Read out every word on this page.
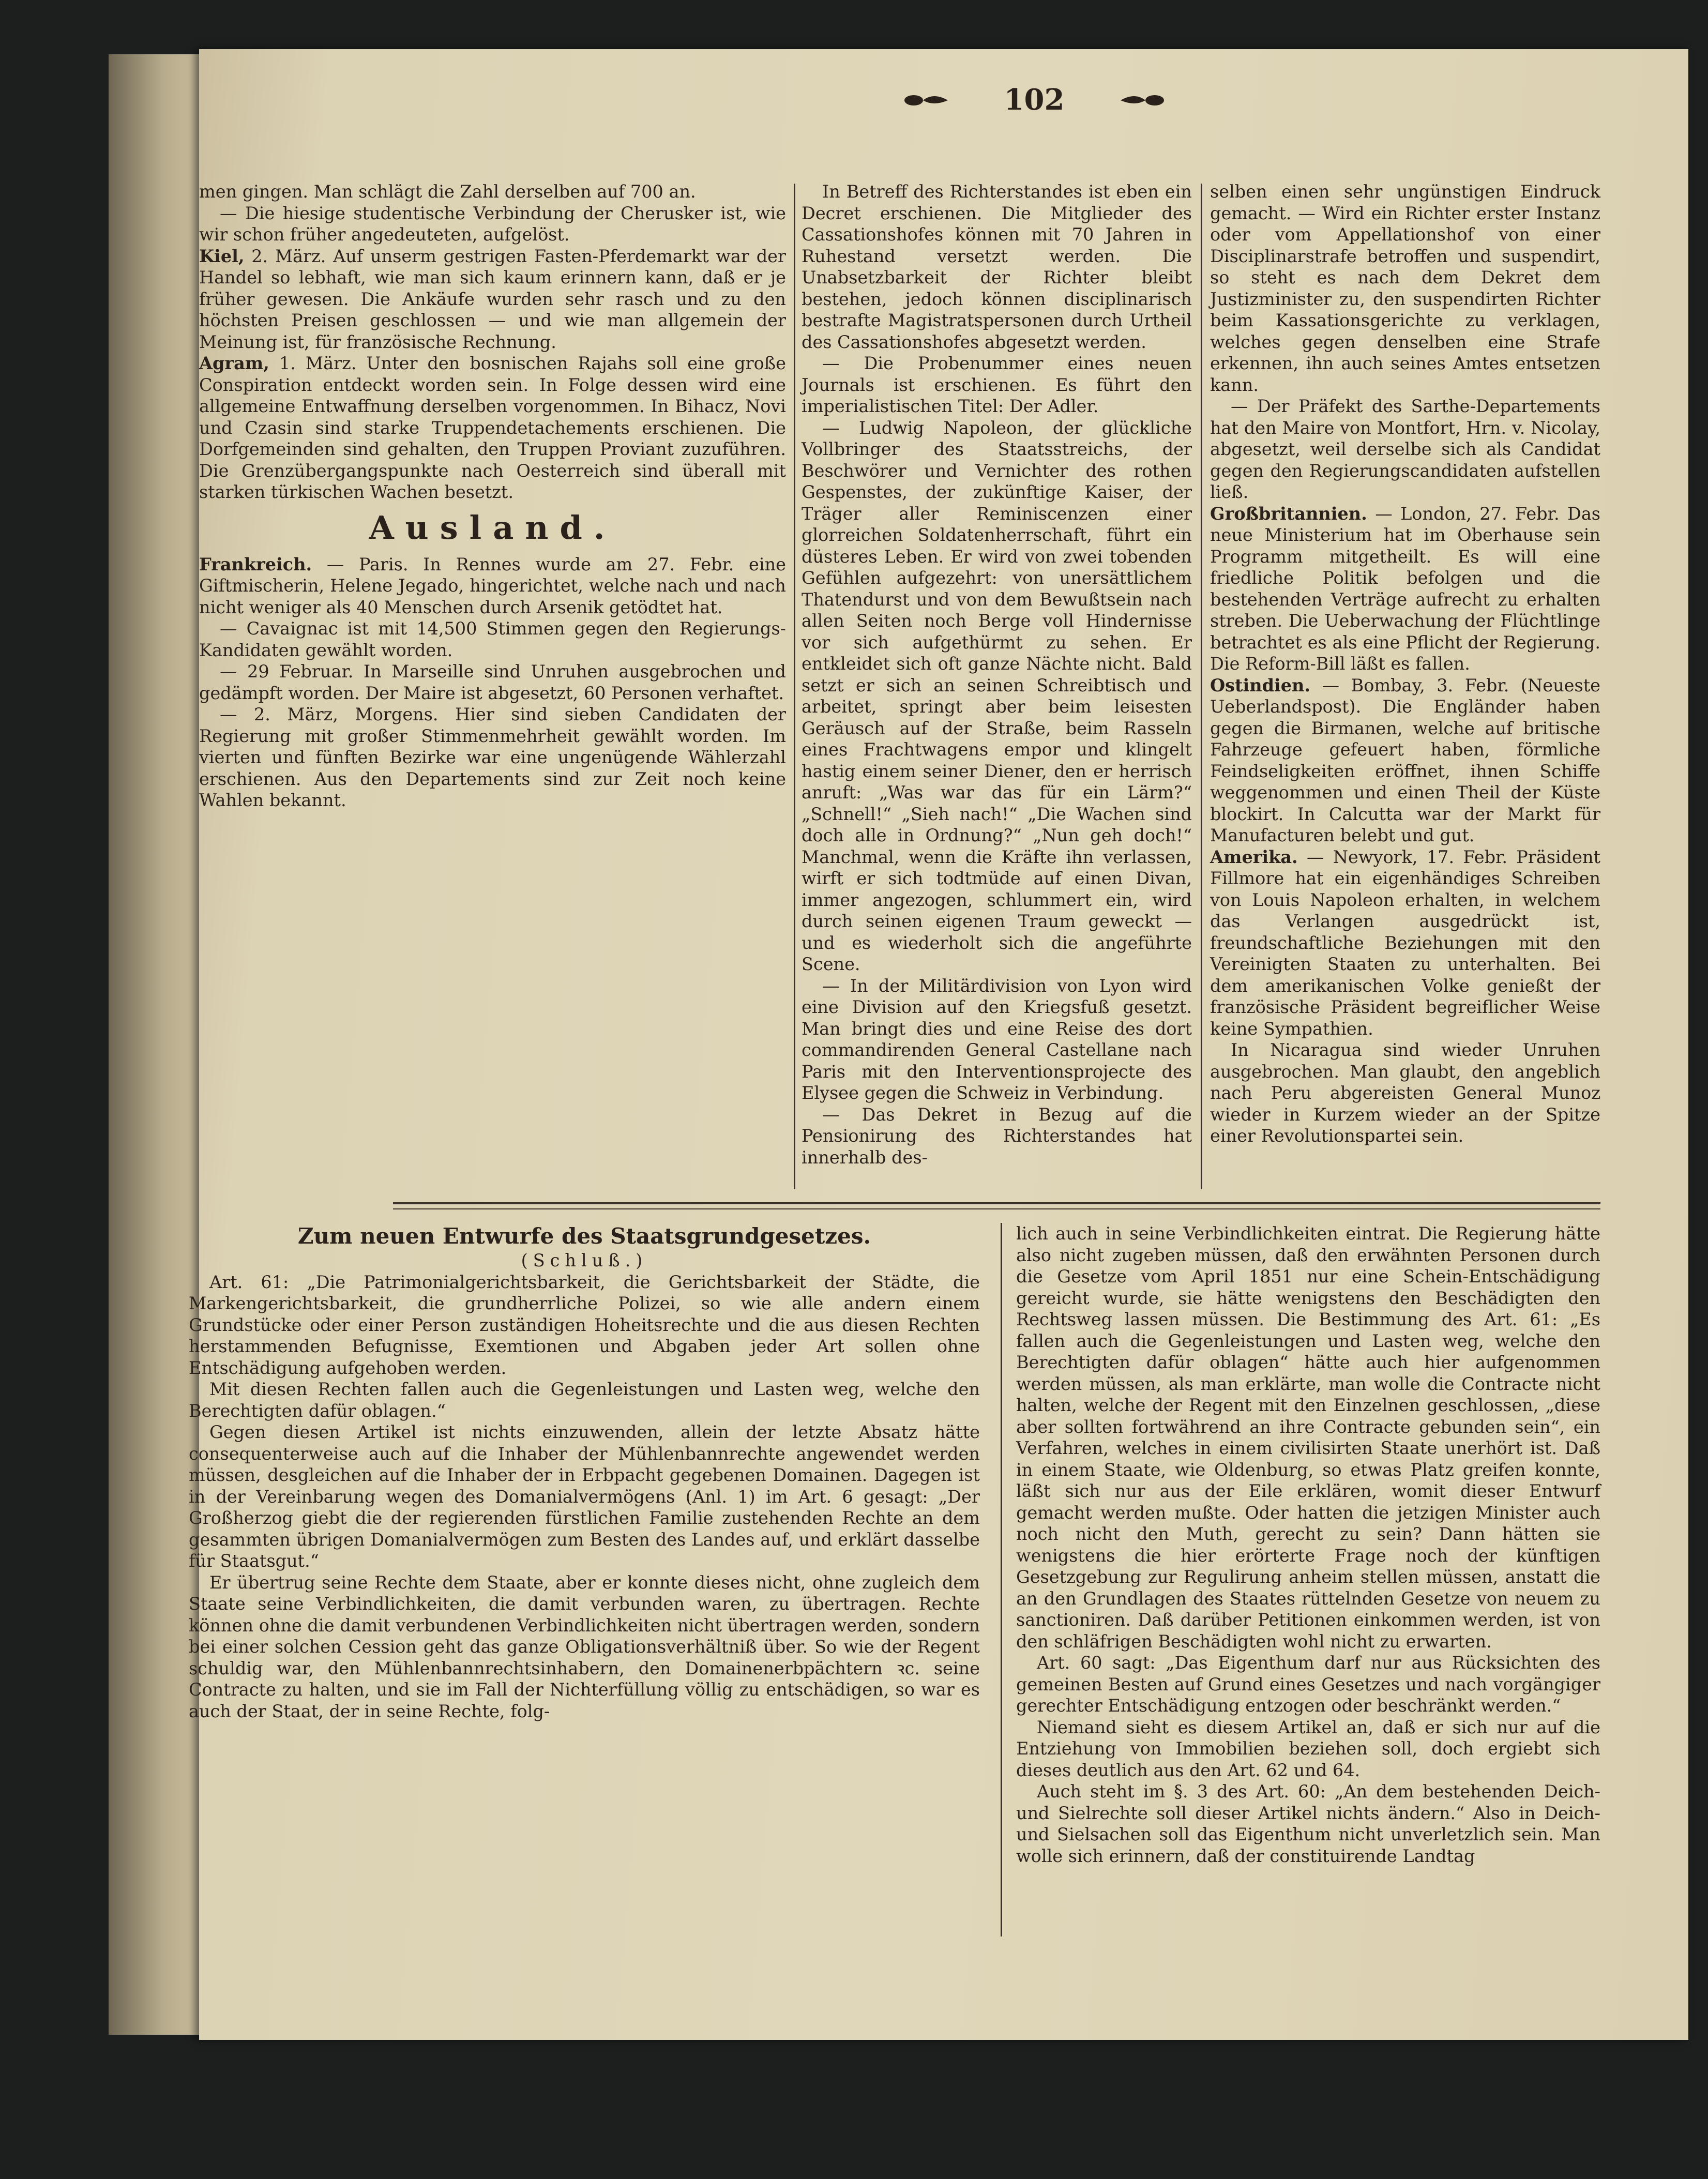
102

men gingen. Man schlägt die Zahl derselben auf 700 an.

— Die hiesige studentische Verbindung der Cherusker ist, wie wir schon früher angedeuteten, aufgelöst.

Kiel, 2. März. Auf unserm gestrigen Fasten-Pferdemarkt war der Handel so lebhaft, wie man sich kaum erinnern kann, daß er je früher gewesen. Die Ankäufe wurden sehr rasch und zu den höchsten Preisen geschlossen — und wie man allgemein der Meinung ist, für französische Rechnung.

Agram, 1. März. Unter den bosnischen Rajahs soll eine große Conspiration entdeckt worden sein. In Folge dessen wird eine allgemeine Entwaffnung derselben vorgenommen. In Bihacz, Novi und Czasin sind starke Truppendetachements erschienen. Die Dorfgemeinden sind gehalten, den Truppen Proviant zuzuführen. Die Grenzübergangspunkte nach Oesterreich sind überall mit starken türkischen Wachen besetzt.

Ausland.

Frankreich. — Paris. In Rennes wurde am 27. Febr. eine Giftmischerin, Helene Jegado, hingerichtet, welche nach und nach nicht weniger als 40 Menschen durch Arsenik getödtet hat.

— Cavaignac ist mit 14,500 Stimmen gegen den Regierungs-Kandidaten gewählt worden.

— 29 Februar. In Marseille sind Unruhen ausgebrochen und gedämpft worden. Der Maire ist abgesetzt, 60 Personen verhaftet.

— 2. März, Morgens. Hier sind sieben Candidaten der Regierung mit großer Stimmenmehrheit gewählt worden. Im vierten und fünften Bezirke war eine ungenügende Wählerzahl erschienen. Aus den Departements sind zur Zeit noch keine Wahlen bekannt.

In Betreff des Richterstandes ist eben ein Decret erschienen. Die Mitglieder des Cassationshofes können mit 70 Jahren in Ruhestand versetzt werden. Die Unabsetzbarkeit der Richter bleibt bestehen, jedoch können disciplinarisch bestrafte Magistratspersonen durch Urtheil des Cassationshofes abgesetzt werden.

— Die Probenummer eines neuen Journals ist erschienen. Es führt den imperialistischen Titel: Der Adler.

— Ludwig Napoleon, der glückliche Vollbringer des Staatsstreichs, der Beschwörer und Vernichter des rothen Gespenstes, der zukünftige Kaiser, der Träger aller Reminiscenzen einer glorreichen Soldatenherrschaft, führt ein düsteres Leben. Er wird von zwei tobenden Gefühlen aufgezehrt: von unersättlichem Thatendurst und von dem Bewußtsein nach allen Seiten noch Berge voll Hindernisse vor sich aufgethürmt zu sehen. Er entkleidet sich oft ganze Nächte nicht. Bald setzt er sich an seinen Schreibtisch und arbeitet, springt aber beim leisesten Geräusch auf der Straße, beim Rasseln eines Frachtwagens empor und klingelt hastig einem seiner Diener, den er herrisch anruft: „Was war das für ein Lärm?“ „Schnell!“ „Sieh nach!“ „Die Wachen sind doch alle in Ordnung?“ „Nun geh doch!“ Manchmal, wenn die Kräfte ihn verlassen, wirft er sich todtmüde auf einen Divan, immer angezogen, schlummert ein, wird durch seinen eigenen Traum geweckt — und es wiederholt sich die angeführte Scene.

— In der Militärdivision von Lyon wird eine Division auf den Kriegsfuß gesetzt. Man bringt dies und eine Reise des dort commandirenden General Castellane nach Paris mit den Interventionsprojecte des Elysee gegen die Schweiz in Verbindung.

— Das Dekret in Bezug auf die Pensionirung des Richterstandes hat innerhalb des-

selben einen sehr ungünstigen Eindruck gemacht. — Wird ein Richter erster Instanz oder vom Appellationshof von einer Disciplinarstrafe betroffen und suspendirt, so steht es nach dem Dekret dem Justizminister zu, den suspendirten Richter beim Kassationsgerichte zu verklagen, welches gegen denselben eine Strafe erkennen, ihn auch seines Amtes entsetzen kann.

— Der Präfekt des Sarthe-Departements hat den Maire von Montfort, Hrn. v. Nicolay, abgesetzt, weil derselbe sich als Candidat gegen den Regierungscandidaten aufstellen ließ.

Großbritannien. — London, 27. Febr. Das neue Ministerium hat im Oberhause sein Programm mitgetheilt. Es will eine friedliche Politik befolgen und die bestehenden Verträge aufrecht zu erhalten streben. Die Ueberwachung der Flüchtlinge betrachtet es als eine Pflicht der Regierung. Die Reform-Bill läßt es fallen.

Ostindien. — Bombay, 3. Febr. (Neueste Ueberlandspost). Die Engländer haben gegen die Birmanen, welche auf britische Fahrzeuge gefeuert haben, förmliche Feindseligkeiten eröffnet, ihnen Schiffe weggenommen und einen Theil der Küste blockirt. In Calcutta war der Markt für Manufacturen belebt und gut.

Amerika. — Newyork, 17. Febr. Präsident Fillmore hat ein eigenhändiges Schreiben von Louis Napoleon erhalten, in welchem das Verlangen ausgedrückt ist, freundschaftliche Beziehungen mit den Vereinigten Staaten zu unterhalten. Bei dem amerikanischen Volke genießt der französische Präsident begreiflicher Weise keine Sympathien.

In Nicaragua sind wieder Unruhen ausgebrochen. Man glaubt, den angeblich nach Peru abgereisten General Munoz wieder in Kurzem wieder an der Spitze einer Revolutionspartei sein.

Zum neuen Entwurfe des Staatsgrundgesetzes.
(Schluß.)

Art. 61: „Die Patrimonialgerichtsbarkeit, die Gerichtsbarkeit der Städte, die Markengerichtsbarkeit, die grundherrliche Polizei, so wie alle andern einem Grundstücke oder einer Person zuständigen Hoheitsrechte und die aus diesen Rechten herstammenden Befugnisse, Exemtionen und Abgaben jeder Art sollen ohne Entschädigung aufgehoben werden.

Mit diesen Rechten fallen auch die Gegenleistungen und Lasten weg, welche den Berechtigten dafür oblagen.“

Gegen diesen Artikel ist nichts einzuwenden, allein der letzte Absatz hätte consequenterweise auch auf die Inhaber der Mühlenbannrechte angewendet werden müssen, desgleichen auf die Inhaber der in Erbpacht gegebenen Domainen. Dagegen ist in der Vereinbarung wegen des Domanialvermögens (Anl. 1) im Art. 6 gesagt: „Der Großherzog giebt die der regierenden fürstlichen Familie zustehenden Rechte an dem gesammten übrigen Domanialvermögen zum Besten des Landes auf, und erklärt dasselbe für Staatsgut.“

Er übertrug seine Rechte dem Staate, aber er konnte dieses nicht, ohne zugleich dem Staate seine Verbindlichkeiten, die damit verbunden waren, zu übertragen. Rechte können ohne die damit verbundenen Verbindlichkeiten nicht übertragen werden, sondern bei einer solchen Cession geht das ganze Obligationsverhältniß über. So wie der Regent schuldig war, den Mühlenbannrechtsinhabern, den Domainenerbpächtern ꝛc. seine Contracte zu halten, und sie im Fall der Nichterfüllung völlig zu entschädigen, so war es auch der Staat, der in seine Rechte, folg-

lich auch in seine Verbindlichkeiten eintrat. Die Regierung hätte also nicht zugeben müssen, daß den erwähnten Personen durch die Gesetze vom April 1851 nur eine Schein-Entschädigung gereicht wurde, sie hätte wenigstens den Beschädigten den Rechtsweg lassen müssen. Die Bestimmung des Art. 61: „Es fallen auch die Gegenleistungen und Lasten weg, welche den Berechtigten dafür oblagen“ hätte auch hier aufgenommen werden müssen, als man erklärte, man wolle die Contracte nicht halten, welche der Regent mit den Einzelnen geschlossen, „diese aber sollten fortwährend an ihre Contracte gebunden sein“, ein Verfahren, welches in einem civilisirten Staate unerhört ist. Daß in einem Staate, wie Oldenburg, so etwas Platz greifen konnte, läßt sich nur aus der Eile erklären, womit dieser Entwurf gemacht werden mußte. Oder hatten die jetzigen Minister auch noch nicht den Muth, gerecht zu sein? Dann hätten sie wenigstens die hier erörterte Frage noch der künftigen Gesetzgebung zur Regulirung anheim stellen müssen, anstatt die an den Grundlagen des Staates rüttelnden Gesetze von neuem zu sanctioniren. Daß darüber Petitionen einkommen werden, ist von den schläfrigen Beschädigten wohl nicht zu erwarten.

Art. 60 sagt: „Das Eigenthum darf nur aus Rücksichten des gemeinen Besten auf Grund eines Gesetzes und nach vorgängiger gerechter Entschädigung entzogen oder beschränkt werden.“

Niemand sieht es diesem Artikel an, daß er sich nur auf die Entziehung von Immobilien beziehen soll, doch ergiebt sich dieses deutlich aus den Art. 62 und 64.

Auch steht im §. 3 des Art. 60: „An dem bestehenden Deich- und Sielrechte soll dieser Artikel nichts ändern.“ Also in Deich- und Sielsachen soll das Eigenthum nicht unverletzlich sein. Man wolle sich erinnern, daß der constituirende Landtag
